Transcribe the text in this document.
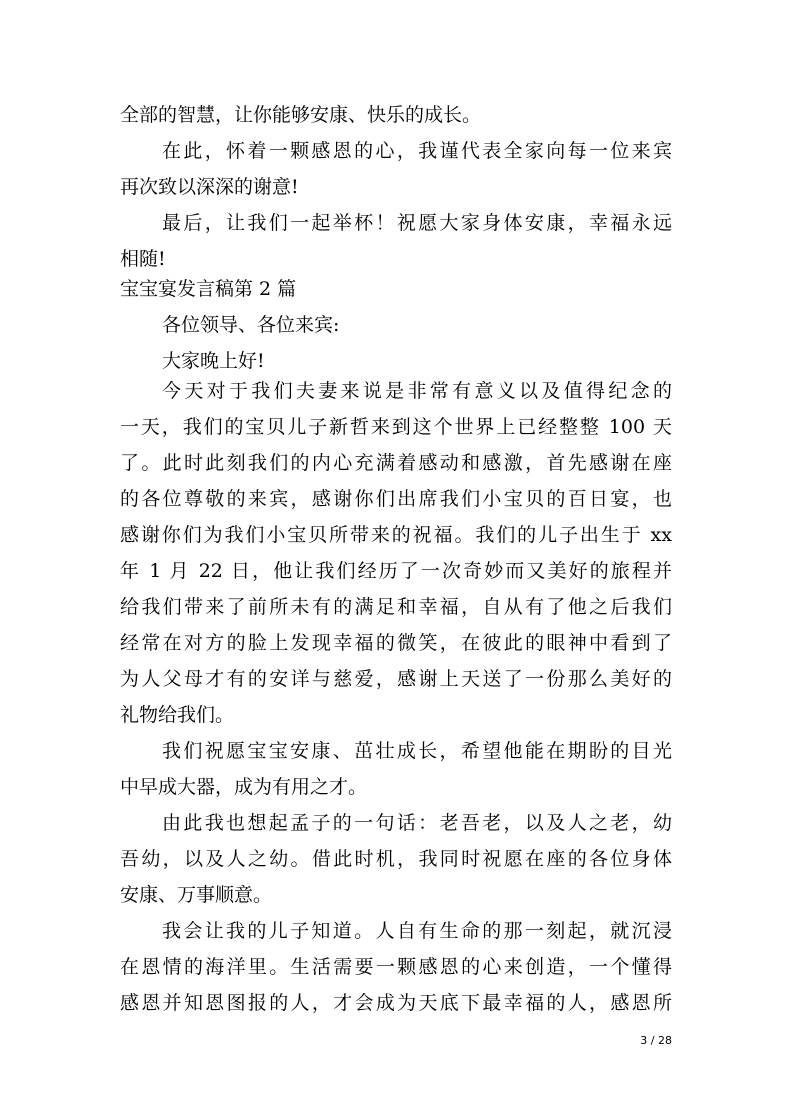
全部的智慧，让你能够安康、快乐的成长。
在此，怀着一颗感恩的心，我谨代表全家向每一位来宾
再次致以深深的谢意!
最后，让我们一起举杯！祝愿大家身体安康，幸福永远
相随!
宝宝宴发言稿第 2 篇
各位领导、各位来宾:
大家晚上好!
今天对于我们夫妻来说是非常有意义以及值得纪念的
一天，我们的宝贝儿子新哲来到这个世界上已经整整 100 天
了。此时此刻我们的内心充满着感动和感激，首先感谢在座
的各位尊敬的来宾，感谢你们出席我们小宝贝的百日宴，也
感谢你们为我们小宝贝所带来的祝福。我们的儿子出生于 xx
年 1 月 22 日，他让我们经历了一次奇妙而又美好的旅程并
给我们带来了前所未有的满足和幸福，自从有了他之后我们
经常在对方的脸上发现幸福的微笑，在彼此的眼神中看到了
为人父母才有的安详与慈爱，感谢上天送了一份那么美好的
礼物给我们。
我们祝愿宝宝安康、茁壮成长，希望他能在期盼的目光
中早成大器，成为有用之才。
由此我也想起孟子的一句话：老吾老，以及人之老，幼
吾幼，以及人之幼。借此时机，我同时祝愿在座的各位身体
安康、万事顺意。
我会让我的儿子知道。人自有生命的那一刻起，就沉浸
在恩情的海洋里。生活需要一颗感恩的心来创造，一个懂得
感恩并知恩图报的人，才会成为天底下最幸福的人，感恩所
3 / 28
